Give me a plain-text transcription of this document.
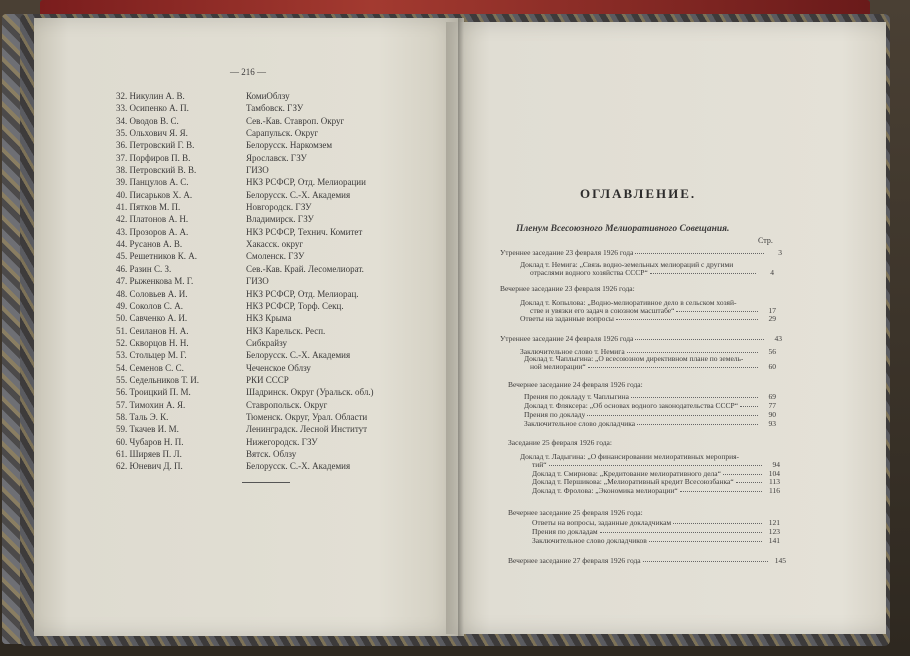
— 216 —
32. Никулин А. В.	КомиОблзу
33. Осипенко А. П.	Тамбовск. ГЗУ
34. Оводов В. С.	Сев.-Кав. Ставроп. Округ
35. Ольхович Я. Я.	Сарапульск. Округ
36. Петровский Г. В.	Белорусск. Наркомзем
37. Порфиров П. В.	Ярославск. ГЗУ
38. Петровский В. В.	ГИЗО
39. Панцулов А. С.	НКЗ РСФСР, Отд. Мелиорации
40. Писарьков Х. А.	Белорусск. С.-Х. Академия
41. Пятков М. П.	Новгородск. ГЗУ
42. Платонов А. Н.	Владимирск. ГЗУ
43. Прозоров А. А.	НКЗ РСФСР, Технич. Комитет
44. Русанов А. В.	Хакасск. округ
45. Решетников К. А.	Смоленск. ГЗУ
46. Разин С. З.	Сев.-Кав. Край. Лесомелиорат.
47. Рыженкова М. Г.	ГИЗО
48. Соловьев А. И.	НКЗ РСФСР, Отд. Мелиорац.
49. Соколов С. А.	НКЗ РСФСР, Торф. Секц.
50. Савченко А. И.	НКЗ Крыма
51. Сеиланов Н. А.	НКЗ Карельск. Респ.
52. Скворцов Н. Н.	Сибкрайзу
53. Стольцер М. Г.	Белорусск. С.-Х. Академия
54. Семенов С. С.	Чеченское Облзу
55. Седельников Т. И.	РКИ СССР
56. Троицкий П. М.	Шадринск. Округ (Уральск. обл.)
57. Тимохин А. Я.	Ставропольск. Округ
58. Таль Э. К.	Тюменск. Округ, Урал. Области
59. Ткачев И. М.	Ленинградск. Лесной Институт
60. Чубаров Н. П.	Нижегородск. ГЗУ
61. Ширяев П. Л.	Вятск. Облзу
62. Юневич Д. П.	Белорусск. С.-Х. Академия
ОГЛАВЛЕНИЕ.
Пленум Всесоюзного Мелиоративного Совещания.
Стр.
Утреннее заседание 23 февраля 1926 года	3
Доклад т. Немига: „Связь водно-земельных мелиораций с другими
отраслями водного хозяйства СССР“	4
Вечернее заседание 23 февраля 1926 года:
Доклад т. Копылова: „Водно-мелиоративное дело в сельском хозяй-
стве и увязки его задач в союзном масштабе“	17
Ответы на заданные вопросы	29
Утреннее заседание 24 февраля 1926 года	43
Заключительное слово т. Немига	56
Доклад т. Чаплыгина: „О всесоюзном директивном плане по земель-
ной мелиорации“	60
Вечернее заседание 24 февраля 1926 года:
Прения по докладу т. Чаплыгина	69
Доклад т. Фляксера: „Об основах водного законодательства СССР“	77
Прения по докладу	90
Заключительное слово докладчика	93
Заседание 25 февраля 1926 года:
Доклад т. Ладыгина: „О финансировании мелиоративных мероприя-
тий“	94
Доклад т. Смирнова: „Кредитование мелиоративного дела“	104
Доклад т. Першикова: „Мелиоративный кредит Всесоюзбанка“	113
Доклад т. Фролова: „Экономика мелиорации“	116
Вечернее заседание 25 февраля 1926 года:
Ответы на вопросы, заданные докладчикам	121
Прения по докладам	123
Заключительное слово докладчиков	141
Вечернее заседание 27 февраля 1926 года	145
